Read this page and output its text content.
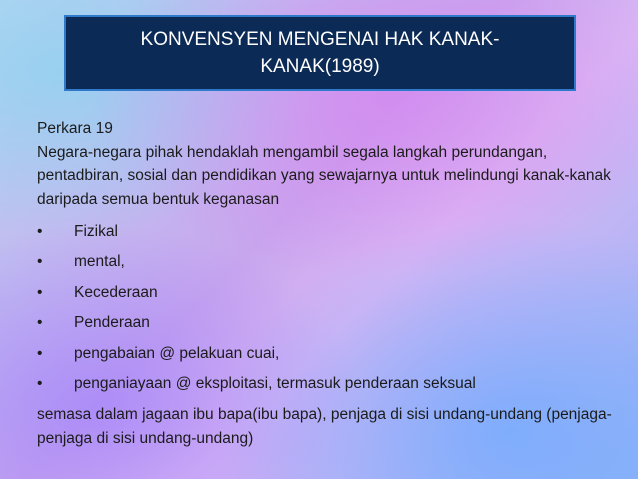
KONVENSYEN MENGENAI HAK KANAK-
KANAK(1989)

Perkara 19

Negara-negara pihak hendaklah mengambil segala langkah perundangan, pentadbiran, sosial dan pendidikan yang sewajarnya untuk melindungi kanak-kanak daripada semua bentuk keganasan

•	Fizikal
•	mental,
•	Kecederaan
•	Penderaan
•	pengabaian @ pelakuan cuai,
•	penganiayaan @ eksploitasi, termasuk penderaan seksual

semasa dalam jagaan ibu bapa(ibu bapa), penjaga di sisi undang-undang (penjaga-penjaga di sisi undang-undang)
